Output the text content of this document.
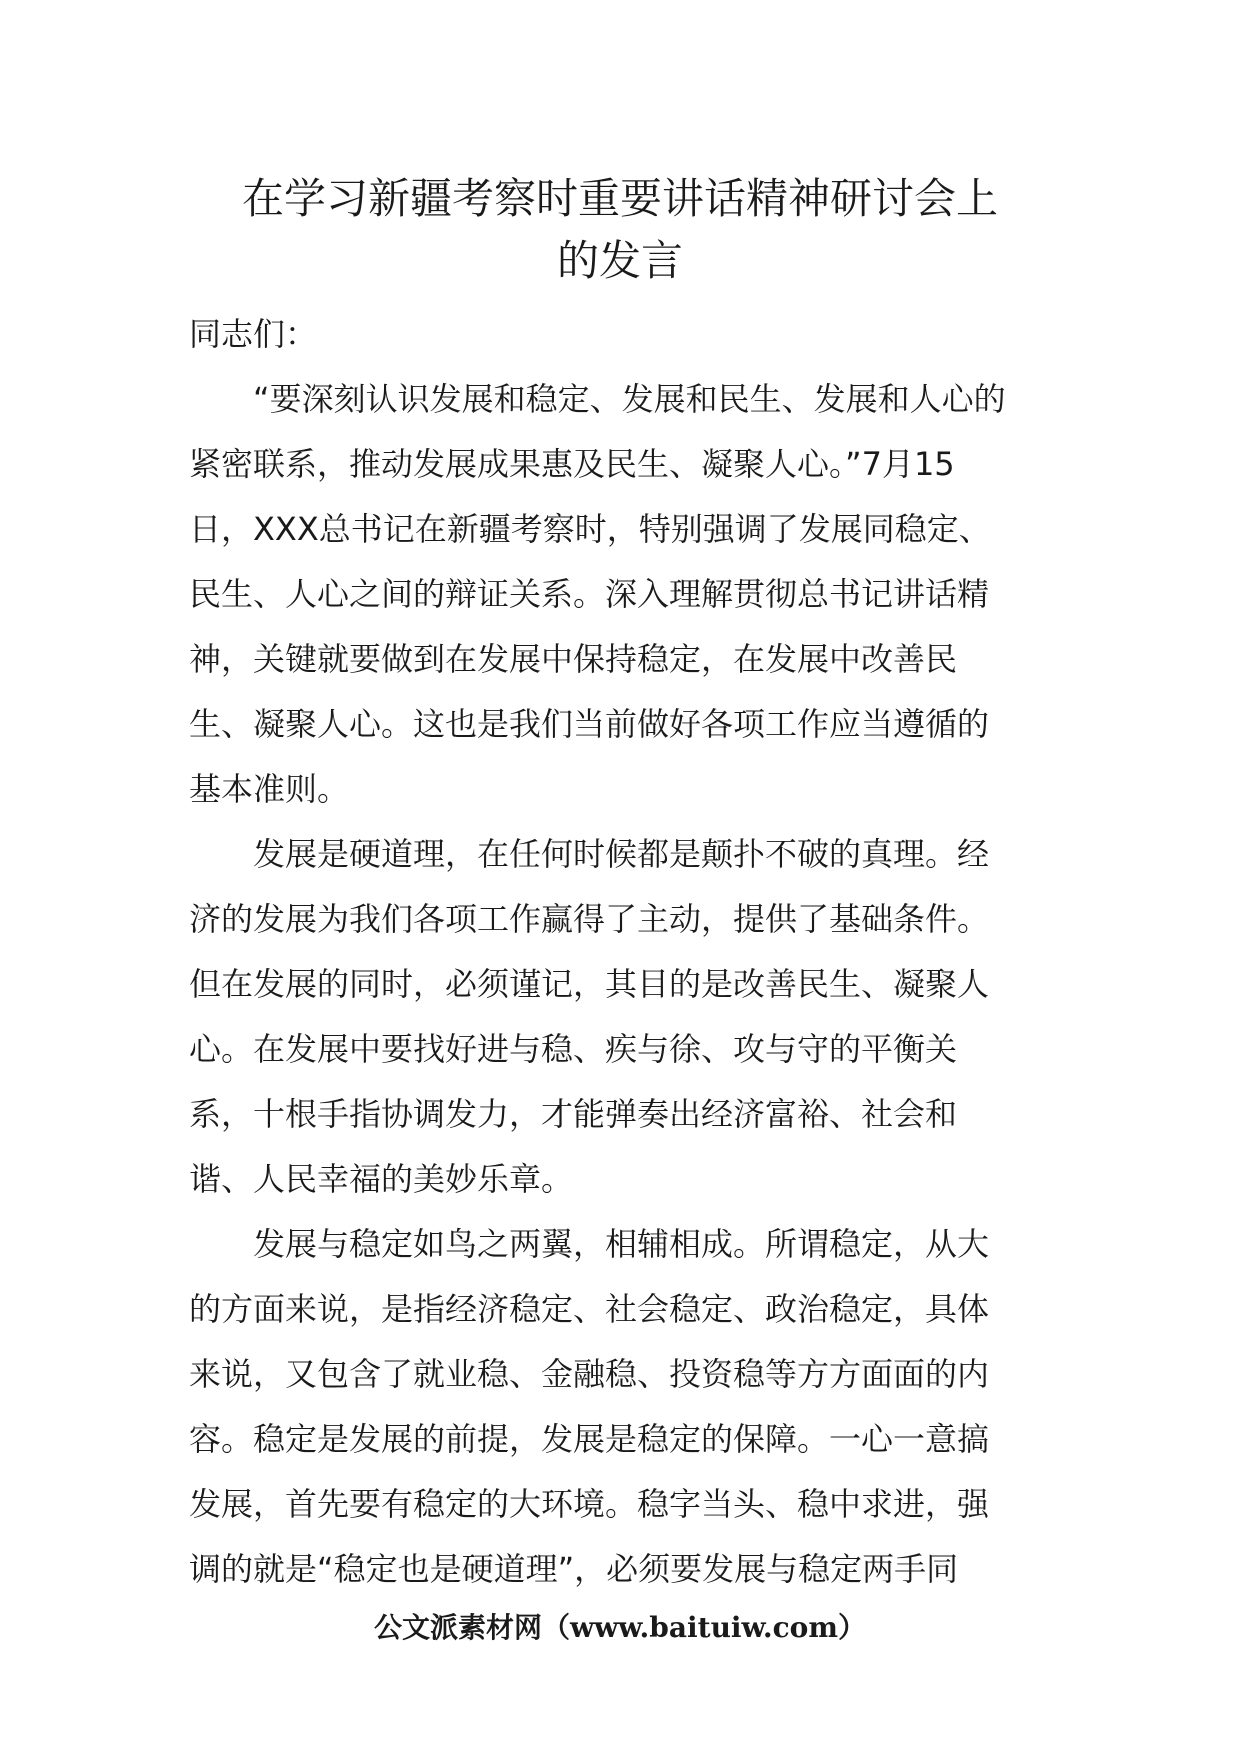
在学习新疆考察时重要讲话精神研讨会上
的发言
同志们：
“要深刻认识发展和稳定、发展和民生、发展和人心的
紧密联系，推动发展成果惠及民生、凝聚人心。”7月15
日，XXX总书记在新疆考察时，特别强调了发展同稳定、
民生、人心之间的辩证关系。深入理解贯彻总书记讲话精
神，关键就要做到在发展中保持稳定，在发展中改善民
生、凝聚人心。这也是我们当前做好各项工作应当遵循的
基本准则。
发展是硬道理，在任何时候都是颠扑不破的真理。经
济的发展为我们各项工作赢得了主动，提供了基础条件。
但在发展的同时，必须谨记，其目的是改善民生、凝聚人
心。在发展中要找好进与稳、疾与徐、攻与守的平衡关
系，十根手指协调发力，才能弹奏出经济富裕、社会和
谐、人民幸福的美妙乐章。
发展与稳定如鸟之两翼，相辅相成。所谓稳定，从大
的方面来说，是指经济稳定、社会稳定、政治稳定，具体
来说，又包含了就业稳、金融稳、投资稳等方方面面的内
容。稳定是发展的前提，发展是稳定的保障。一心一意搞
发展，首先要有稳定的大环境。稳字当头、稳中求进，强
调的就是“稳定也是硬道理”，必须要发展与稳定两手同
公文派素材网（www.baituiw.com）
